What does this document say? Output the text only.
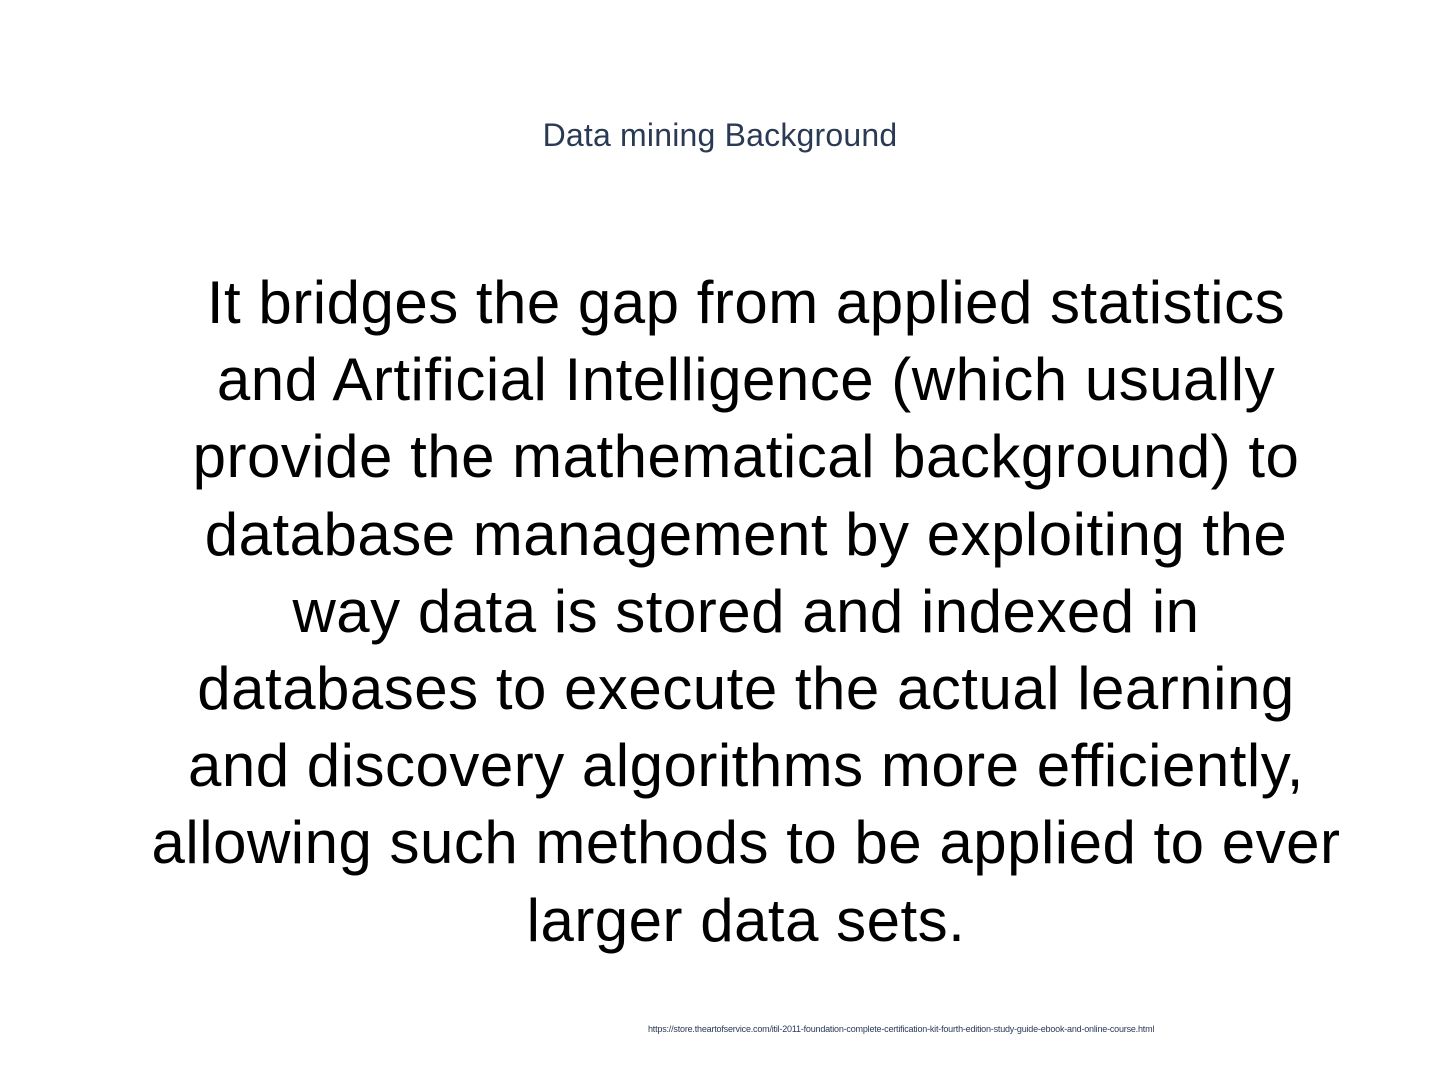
Data mining Background
It bridges the gap from applied statistics and Artificial Intelligence (which usually provide the mathematical background) to database management by exploiting the way data is stored and indexed in databases to execute the actual learning and discovery algorithms more efficiently, allowing such methods to be applied to ever larger data sets.
https://store.theartofservice.com/itil-2011-foundation-complete-certification-kit-fourth-edition-study-guide-ebook-and-online-course.html
